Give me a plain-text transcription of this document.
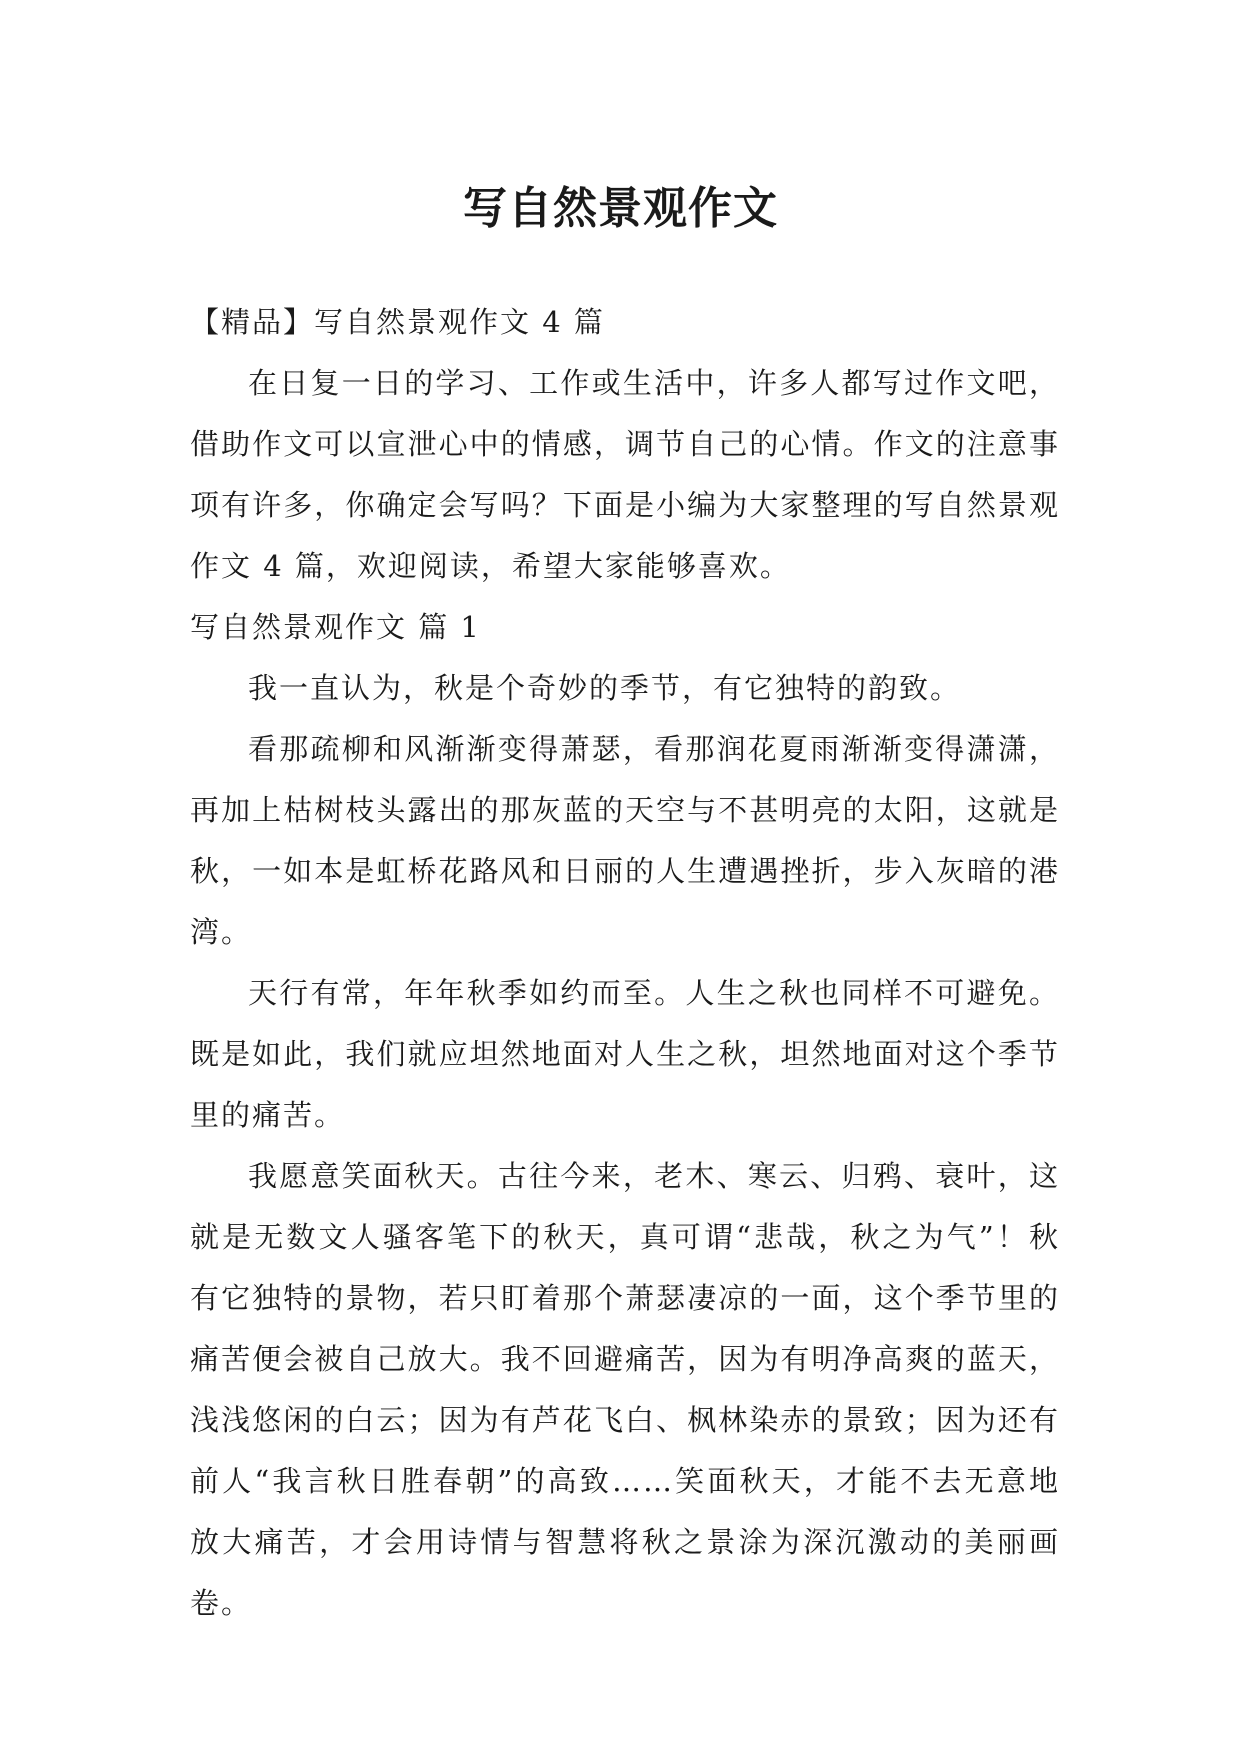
写自然景观作文

【精品】写自然景观作文 4 篇

在日复一日的学习、工作或生活中，许多人都写过作文吧，借助作文可以宣泄心中的情感，调节自己的心情。作文的注意事项有许多，你确定会写吗？下面是小编为大家整理的写自然景观作文 4 篇，欢迎阅读，希望大家能够喜欢。

写自然景观作文 篇 1

我一直认为，秋是个奇妙的季节，有它独特的韵致。

看那疏柳和风渐渐变得萧瑟，看那润花夏雨渐渐变得潇潇，再加上枯树枝头露出的那灰蓝的天空与不甚明亮的太阳，这就是秋，一如本是虹桥花路风和日丽的人生遭遇挫折，步入灰暗的港湾。

天行有常，年年秋季如约而至。人生之秋也同样不可避免。既是如此，我们就应坦然地面对人生之秋，坦然地面对这个季节里的痛苦。

我愿意笑面秋天。古往今来，老木、寒云、归鸦、衰叶，这就是无数文人骚客笔下的秋天，真可谓“悲哉，秋之为气”！秋有它独特的景物，若只盯着那个萧瑟凄凉的一面，这个季节里的痛苦便会被自己放大。我不回避痛苦，因为有明净高爽的蓝天，浅浅悠闲的白云；因为有芦花飞白、枫林染赤的景致；因为还有前人“我言秋日胜春朝”的高致……笑面秋天，才能不去无意地放大痛苦，才会用诗情与智慧将秋之景涂为深沉激动的美丽画卷。
